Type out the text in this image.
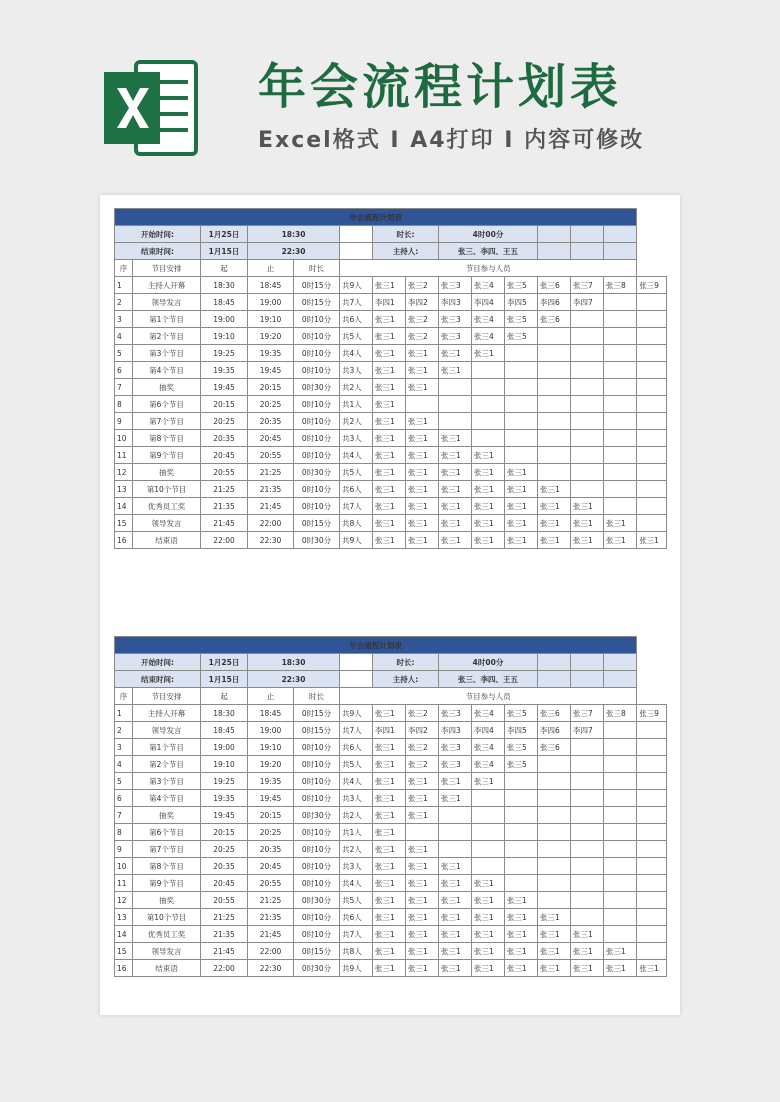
年会流程计划表
Excel格式 I A4打印 I 内容可修改
年会流程计划表														
开始时间:		1月25日	18:30			时长:		4时00分						
结束时间:		1月15日	22:30			主持人:		张三、李四、王五						
序	节目安排	起	止	时长	节目参与人员									
1	主持人开幕	18:30	18:45	0时15分	共9人	张三1	张三2	张三3	张三4	张三5	张三6	张三7	张三8	张三9
2	领导发言	18:45	19:00	0时15分	共7人	李四1	李四2	李四3	李四4	李四5	李四6	李四7		
3	第1个节目	19:00	19:10	0时10分	共6人	张三1	张三2	张三3	张三4	张三5	张三6			
4	第2个节目	19:10	19:20	0时10分	共5人	张三1	张三2	张三3	张三4	张三5				
5	第3个节目	19:25	19:35	0时10分	共4人	张三1	张三1	张三1	张三1					
6	第4个节目	19:35	19:45	0时10分	共3人	张三1	张三1	张三1						
7	抽奖	19:45	20:15	0时30分	共2人	张三1	张三1							
8	第6个节目	20:15	20:25	0时10分	共1人	张三1								
9	第7个节目	20:25	20:35	0时10分	共2人	张三1	张三1							
10	第8个节目	20:35	20:45	0时10分	共3人	张三1	张三1	张三1						
11	第9个节目	20:45	20:55	0时10分	共4人	张三1	张三1	张三1	张三1					
12	抽奖	20:55	21:25	0时30分	共5人	张三1	张三1	张三1	张三1	张三1				
13	第10个节目	21:25	21:35	0时10分	共6人	张三1	张三1	张三1	张三1	张三1	张三1			
14	优秀员工奖	21:35	21:45	0时10分	共7人	张三1	张三1	张三1	张三1	张三1	张三1	张三1		
15	领导发言	21:45	22:00	0时15分	共8人	张三1	张三1	张三1	张三1	张三1	张三1	张三1	张三1	
16	结束语	22:00	22:30	0时30分	共9人	张三1	张三1	张三1	张三1	张三1	张三1	张三1	张三1	张三1
年会流程计划表														
开始时间:		1月25日	18:30			时长:		4时00分						
结束时间:		1月15日	22:30			主持人:		张三、李四、王五						
序	节目安排	起	止	时长	节目参与人员									
1	主持人开幕	18:30	18:45	0时15分	共9人	张三1	张三2	张三3	张三4	张三5	张三6	张三7	张三8	张三9
2	领导发言	18:45	19:00	0时15分	共7人	李四1	李四2	李四3	李四4	李四5	李四6	李四7		
3	第1个节目	19:00	19:10	0时10分	共6人	张三1	张三2	张三3	张三4	张三5	张三6			
4	第2个节目	19:10	19:20	0时10分	共5人	张三1	张三2	张三3	张三4	张三5				
5	第3个节目	19:25	19:35	0时10分	共4人	张三1	张三1	张三1	张三1					
6	第4个节目	19:35	19:45	0时10分	共3人	张三1	张三1	张三1						
7	抽奖	19:45	20:15	0时30分	共2人	张三1	张三1							
8	第6个节目	20:15	20:25	0时10分	共1人	张三1								
9	第7个节目	20:25	20:35	0时10分	共2人	张三1	张三1							
10	第8个节目	20:35	20:45	0时10分	共3人	张三1	张三1	张三1						
11	第9个节目	20:45	20:55	0时10分	共4人	张三1	张三1	张三1	张三1					
12	抽奖	20:55	21:25	0时30分	共5人	张三1	张三1	张三1	张三1	张三1				
13	第10个节目	21:25	21:35	0时10分	共6人	张三1	张三1	张三1	张三1	张三1	张三1			
14	优秀员工奖	21:35	21:45	0时10分	共7人	张三1	张三1	张三1	张三1	张三1	张三1	张三1		
15	领导发言	21:45	22:00	0时15分	共8人	张三1	张三1	张三1	张三1	张三1	张三1	张三1	张三1	
16	结束语	22:00	22:30	0时30分	共9人	张三1	张三1	张三1	张三1	张三1	张三1	张三1	张三1	张三1
